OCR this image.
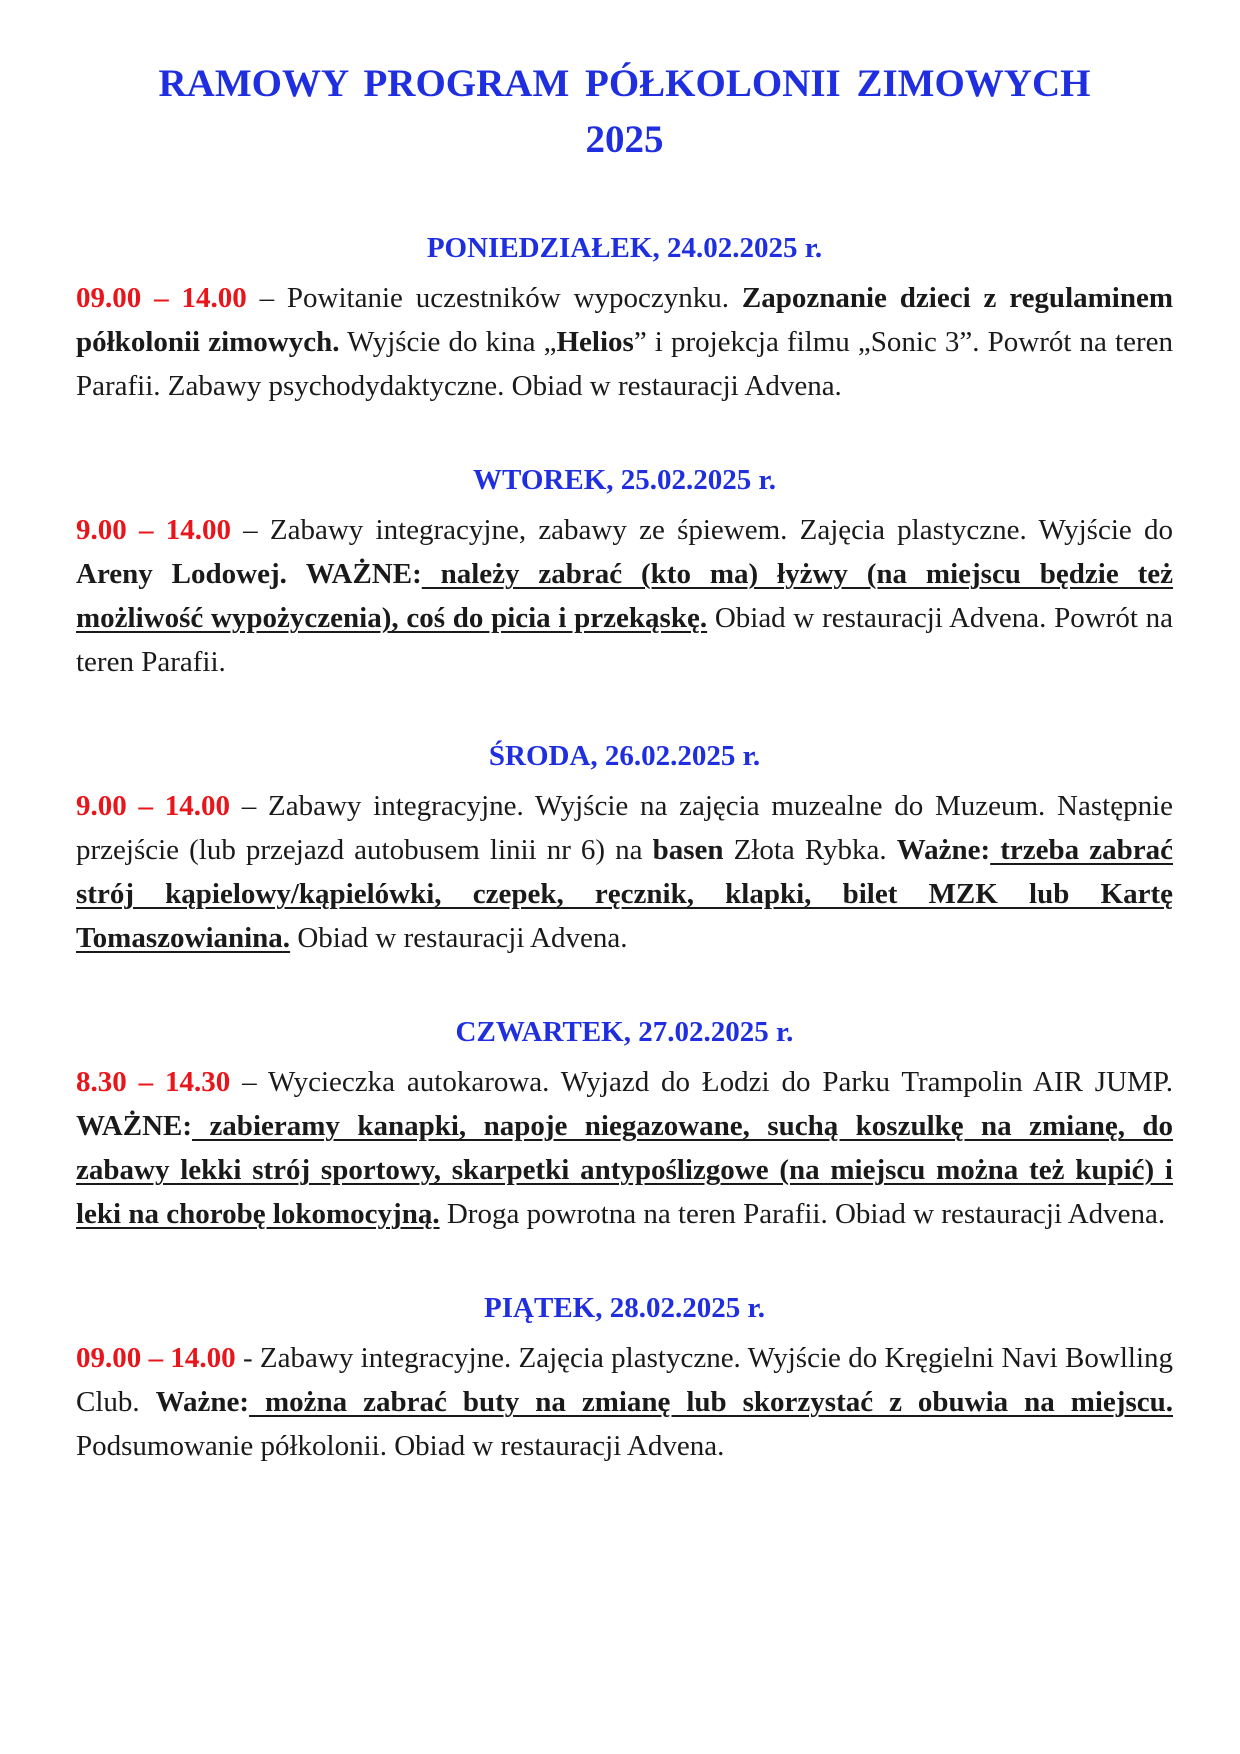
RAMOWY PROGRAM PÓŁKOLONII ZIMOWYCH
2025
PONIEDZIAŁEK, 24.02.2025 r.

09.00 – 14.00 – Powitanie uczestników wypoczynku. Zapoznanie dzieci z regulaminem półkolonii zimowych. Wyjście do kina „Helios” i projekcja filmu „Sonic 3”. Powrót na teren Parafii. Zabawy psychodydaktyczne. Obiad w restauracji Advena.

WTOREK, 25.02.2025 r.

9.00 – 14.00 – Zabawy integracyjne, zabawy ze śpiewem. Zajęcia plastyczne. Wyjście do Areny Lodowej. WAŻNE: należy zabrać (kto ma) łyżwy (na miejscu będzie też możliwość wypożyczenia), coś do picia i przekąskę. Obiad w restauracji Advena. Powrót na teren Parafii.

ŚRODA, 26.02.2025 r.

9.00 – 14.00 – Zabawy integracyjne. Wyjście na zajęcia muzealne do Muzeum. Następnie przejście (lub przejazd autobusem linii nr 6) na basen Złota Rybka. Ważne: trzeba zabrać strój kąpielowy/kąpielówki, czepek, ręcznik, klapki, bilet MZK lub Kartę Tomaszowianina. Obiad w restauracji Advena.

CZWARTEK, 27.02.2025 r.

8.30 – 14.30 – Wycieczka autokarowa. Wyjazd do Łodzi do Parku Trampolin AIR JUMP. WAŻNE: zabieramy kanapki, napoje niegazowane, suchą koszulkę na zmianę, do zabawy lekki strój sportowy, skarpetki antypoślizgowe (na miejscu można też kupić) i leki na chorobę lokomocyjną. Droga powrotna na teren Parafii. Obiad w restauracji Advena.

PIĄTEK, 28.02.2025 r.

09.00 – 14.00 - Zabawy integracyjne. Zajęcia plastyczne. Wyjście do Kręgielni Navi Bowlling Club. Ważne: można zabrać buty na zmianę lub skorzystać z obuwia na miejscu. Podsumowanie półkolonii. Obiad w restauracji Advena.
